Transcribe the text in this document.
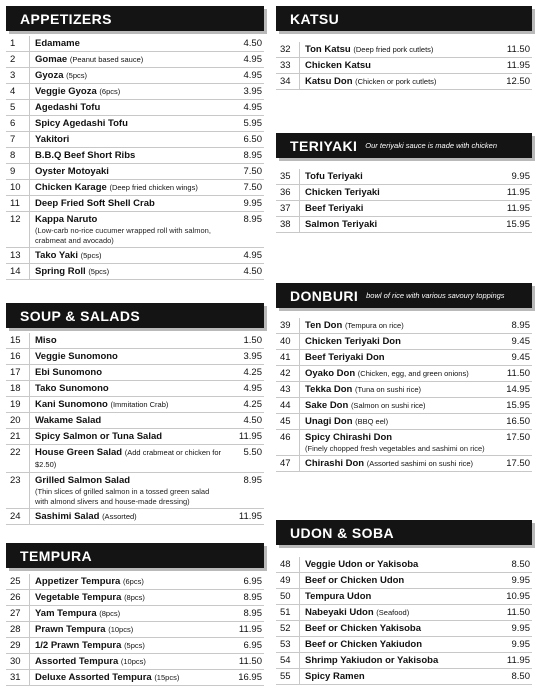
APPETIZERS
1	Edamame	4.50
2	Gomae (Peanut based sauce)	4.95
3	Gyoza (5pcs)	4.95
4	Veggie Gyoza (6pcs)	3.95
5	Agedashi Tofu	4.95
6	Spicy Agedashi Tofu	5.95
7	Yakitori	6.50
8	B.B.Q Beef Short Ribs	8.95
9	Oyster Motoyaki	7.50
10	Chicken Karage (Deep fried chicken wings)	7.50
11	Deep Fried Soft Shell Crab	9.95
12	Kappa Naruto
(Low-carb no-rice cucumer wrapped roll with salmon, crabmeat and avocado)
8.95
13	Tako Yaki (5pcs)	4.95
14	Spring Roll (5pcs)	4.50
SOUP & SALADS
15	Miso	1.50
16	Veggie Sunomono	3.95
17	Ebi Sunomono	4.25
18	Tako Sunomono	4.95
19	Kani Sunomono (Immitation Crab)	4.25
20	Wakame Salad	4.50
21	Spicy Salmon or Tuna Salad	11.95
22	House Green Salad (Add crabmeat or chicken for $2.50)
5.50
23	Grilled Salmon Salad
(Thin slices of grilled salmon in a tossed green salad with almond slivers and house-made dressing)
8.95
24	Sashimi Salad (Assorted)	11.95
TEMPURA
25	Appetizer Tempura (6pcs)	6.95
26	Vegetable Tempura (8pcs)	8.95
27	Yam Tempura (8pcs)	8.95
28	Prawn Tempura (10pcs)	11.95
29	1/2 Prawn Tempura (5pcs)	6.95
30	Assorted Tempura (10pcs)	11.50
31	Deluxe Assorted Tempura (15pcs)	16.95
KATSU
32	Ton Katsu (Deep fried pork cutlets)	11.50
33	Chicken Katsu	11.95
34	Katsu Don (Chicken or pork cutlets)	12.50
TERIYAKI Our teriyaki sauce is made with chicken
35	Tofu Teriyaki	9.95
36	Chicken Teriyaki	11.95
37	Beef Teriyaki	11.95
38	Salmon Teriyaki	15.95
DONBURI bowl of rice with various savoury toppings
39	Ten Don (Tempura on rice)	8.95
40	Chicken Teriyaki Don	9.45
41	Beef Teriyaki Don	9.45
42	Oyako Don (Chicken, egg, and green onions)	11.50
43	Tekka Don (Tuna on sushi rice)	14.95
44	Sake Don (Salmon on sushi rice)	15.95
45	Unagi Don (BBQ eel)	16.50
46	Spicy Chirashi Don
(Finely chopped fresh vegetables and sashimi on rice)
17.50
47	Chirashi Don (Assorted sashimi on sushi rice)	17.50
UDON & SOBA
48	Veggie Udon or Yakisoba	8.50
49	Beef or Chicken Udon	9.95
50	Tempura Udon	10.95
51	Nabeyaki Udon (Seafood)	11.50
52	Beef or Chicken Yakisoba	9.95
53	Beef or Chicken Yakiudon	9.95
54	Shrimp Yakiudon or Yakisoba	11.95
55	Spicy Ramen	8.50
